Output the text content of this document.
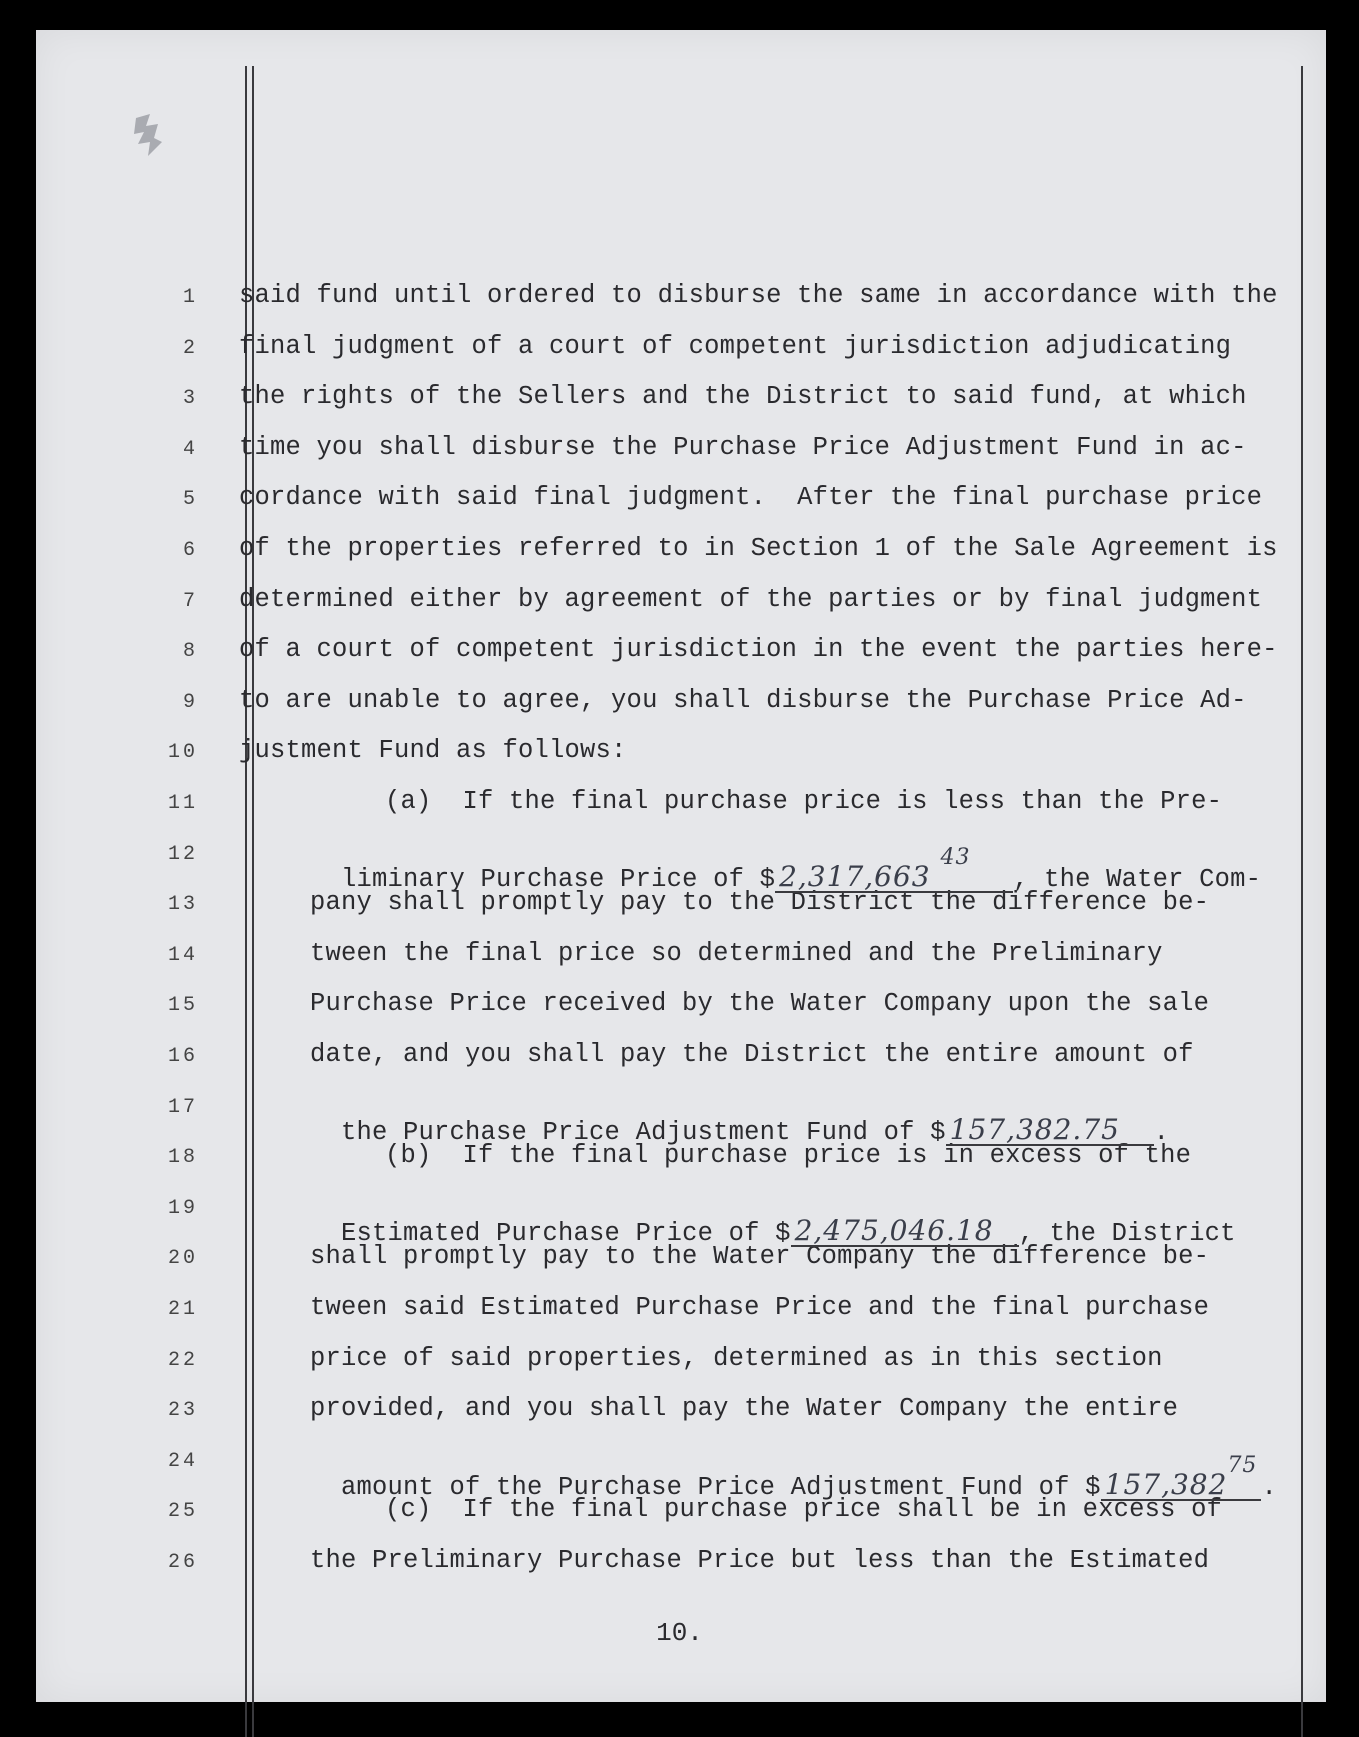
1
2
3
4
5
6
7
8
9
10
11
12
13
14
15
16
17
18
19
20
21
22
23
24
25
26
said fund until ordered to disburse the same in accordance with the
final judgment of a court of competent jurisdiction adjudicating
the rights of the Sellers and the District to said fund, at which
time you shall disburse the Purchase Price Adjustment Fund in ac-
cordance with said final judgment.  After the final purchase price
of the properties referred to in Section 1 of the Sale Agreement is
determined either by agreement of the parties or by final judgment
of a court of competent jurisdiction in the event the parties here-
to are unable to agree, you shall disburse the Purchase Price Ad-
justment Fund as follows:
(a)  If the final purchase price is less than the Pre-
pany shall promptly pay to the District the difference be-
tween the final price so determined and the Preliminary
Purchase Price received by the Water Company upon the sale
date, and you shall pay the District the entire amount of
(b)  If the final purchase price is in excess of the
shall promptly pay to the Water Company the difference be-
tween said Estimated Purchase Price and the final purchase
price of said properties, determined as in this section
provided, and you shall pay the Water Company the entire
(c)  If the final purchase price shall be in excess of
the Preliminary Purchase Price but less than the Estimated

liminary Purchase Price of $ 2,317,663 $^{43}$, the Water Com-

the Purchase Price Adjustment Fund of $ 157,382.75 .

Estimated Purchase Price of $ 2,475,046.18 , the District

amount of the Purchase Price Adjustment Fund of $ 157,382$^{75}$.

10.
